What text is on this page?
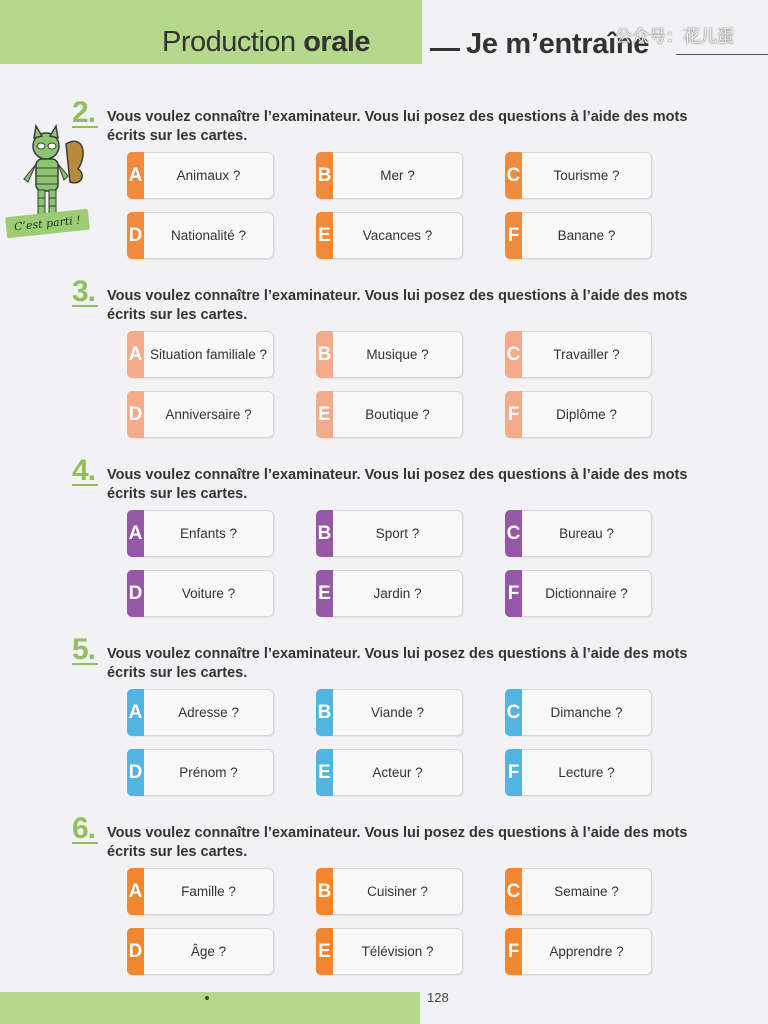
Production orale	Je m’entraîne
公众号：花儿蛋
C’est parti !
2. Vous voulez connaître l’examinateur. Vous lui posez des questions à l’aide des mots écrits sur les cartes.
A	Animaux ?	B	Mer ?	C	Tourisme ?
D	Nationalité ?	E	Vacances ?	F	Banane ?
3. Vous voulez connaître l’examinateur. Vous lui posez des questions à l’aide des mots écrits sur les cartes.
A Situation familiale ?	B	Musique ?	C	Travailler ?
D	Anniversaire ?	E	Boutique ?	F	Diplôme ?
4. Vous voulez connaître l’examinateur. Vous lui posez des questions à l’aide des mots écrits sur les cartes.
A	Enfants ?	B	Sport ?	C	Bureau ?
D	Voiture ?	E	Jardin ?	F	Dictionnaire ?
5. Vous voulez connaître l’examinateur. Vous lui posez des questions à l’aide des mots écrits sur les cartes.
A	Adresse ?	B	Viande ?	C	Dimanche ?
D	Prénom ?	E	Acteur ?	F	Lecture ?
6. Vous voulez connaître l’examinateur. Vous lui posez des questions à l’aide des mots écrits sur les cartes.
A	Famille ?	B	Cuisiner ?	C	Semaine ?
D	Âge ?	E	Télévision ?	F	Apprendre ?
128
